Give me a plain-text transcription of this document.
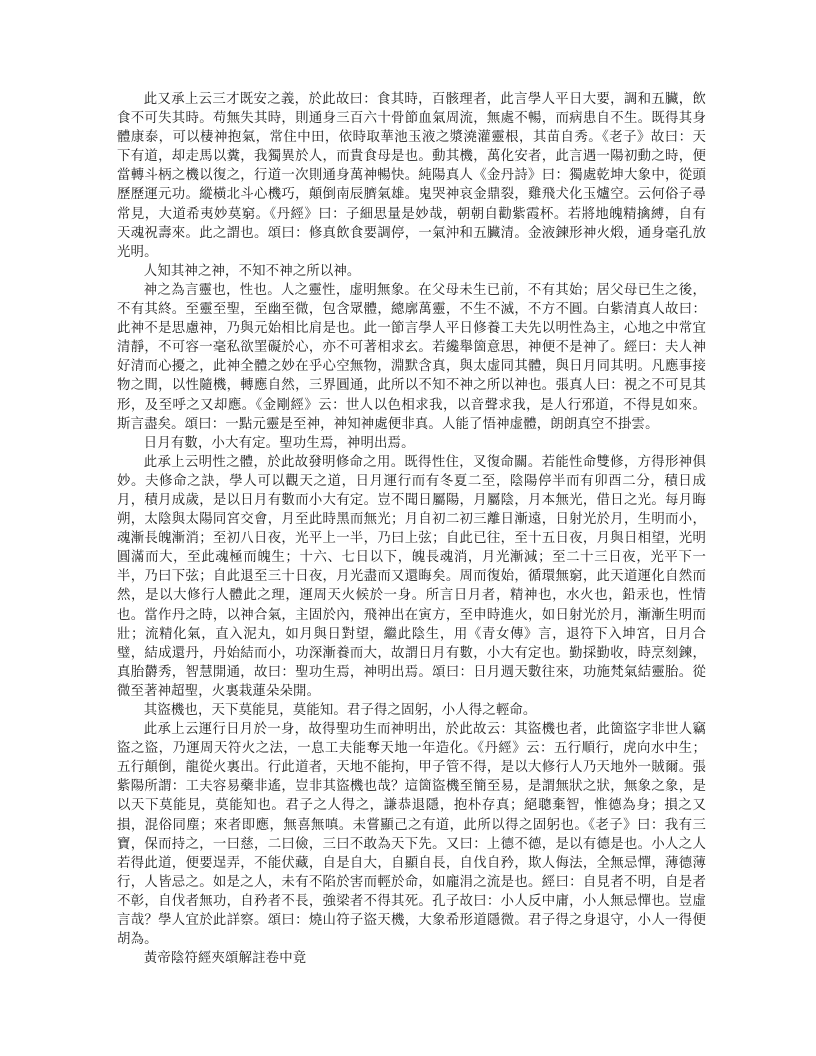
此又承上云三才既安之義，於此故曰：食其時，百骸理者，此言學人平日大要，調和五臟，飲食不可失其時。苟無失其時，則通身三百六十骨節血氣周流，無處不暢，而病患自不生。既得其身體康泰，可以棲神抱氣，常住中田，依時取華池玉液之漿澆灌靈根，其苗自秀。《老子》故曰：天下有道，却走馬以糞，我獨異於人，而貴食母是也。動其機，萬化安者，此言遇一陽初動之時，便當轉斗柄之機以復之，行道一次則通身萬神暢快。純陽真人《金丹詩》曰：獨處乾坤大象中，從頭歷歷運元功。縱橫北斗心機巧，顛倒南辰臍氣雄。鬼哭神哀金鼎裂，雞飛犬化玉爐空。云何俗子尋常見，大道希夷妙莫窮。《丹經》曰：子細思量是妙哉，朝朝自勸紫霞杯。若將地魄精擒縛，自有天魂祝壽來。此之謂也。頌曰：修真飲食要調停，一氣沖和五臟清。金液鍊形神火煅，通身毫孔放光明。

人知其神之神，不知不神之所以神。

神之為言靈也，性也。人之靈性，虚明無象。在父母未生已前，不有其始；居父母已生之後，不有其終。至靈至聖，至幽至微，包含眾體，總廓萬靈，不生不滅，不方不圓。白紫清真人故曰：此神不是思慮神，乃與元始相比肩是也。此一節言學人平日修養工夫先以明性為主，心地之中常宜清靜，不可容一毫私欲罣礙於心，亦不可著相求玄。若纔舉箇意思，神便不是神了。經曰：夫人神好清而心擾之，此神全體之妙在乎心空無物，淵默含真，與太虚同其體，與日月同其明。凡應事接物之間，以性隨機，轉應自然，三界圓通，此所以不知不神之所以神也。張真人曰：視之不可見其形，及至呼之又却應。《金剛經》云：世人以色相求我，以音聲求我，是人行邪道，不得見如來。斯言盡矣。頌曰：一點元靈是至神，神知神處便非真。人能了悟神虚體，朗朗真空不掛雲。

日月有數，小大有定。聖功生焉，神明出焉。

此承上云明性之體，於此故發明修命之用。既得性住，叉復命關。若能性命雙修，方得形神俱妙。夫修命之訣，學人可以觀天之道，日月運行而有冬夏二至，陰陽停半而有卯酉二分，積日成月，積月成歲，是以日月有數而小大有定。豈不聞日屬陽，月屬陰，月本無光，借日之光。每月晦朔，太陰與太陽同宮交會，月至此時黑而無光；月自初二初三離日漸遠，日射光於月，生明而小，魂漸長魄漸消；至初八日夜，光平上一半，乃曰上弦；自此已往，至十五日夜，月與日相望，光明圓滿而大，至此魂極而魄生；十六、七日以下，魄長魂消，月光漸減；至二十三日夜，光平下一半，乃曰下弦；自此退至三十日夜，月光盡而又還晦矣。周而復始，循環無窮，此天道運化自然而然，是以大修行人體此之理，運周天火候於一身。所言日月者，精神也，水火也，鉛汞也，性情也。當作丹之時，以神合氣，主固於內，飛神出在寅方，至申時進火，如日射光於月，漸漸生明而壯；流精化氣，直入泥丸，如月與日對望，繼此陰生，用《青女傳》言，退符下入坤宮，日月合璧，結成還丹，丹始結而小，功深漸養而大，故謂日月有數，小大有定也。勤採勤收，時烹刻鍊，真胎欝秀，智慧開通，故曰：聖功生焉，神明出焉。頌曰：日月週天數往來，功施梵氣結靈胎。從微至著神超聖，火裏栽蓮朵朵開。

其盜機也，天下莫能見，莫能知。君子得之固躬，小人得之輕命。

此承上云運行日月於一身，故得聖功生而神明出，於此故云：其盜機也者，此箇盜字非世人竊盜之盜，乃運周天符火之法，一息工夫能奪天地一年造化。《丹經》云：五行順行，虎向水中生；五行顛倒，龍從火裏出。行此道者，天地不能拘，甲子管不得，是以大修行人乃天地外一賊爾。張紫陽所謂：工夫容易藥非遙，豈非其盜機也哉？這箇盜機至簡至易，是謂無狀之狀，無象之象，是以天下莫能見，莫能知也。君子之人得之，謙恭退隱，抱朴存真；絕聰棄智，惟德為身；損之又損，混俗同塵；來者即應，無喜無嗔。未嘗顯己之有道，此所以得之固躬也。《老子》曰：我有三寶，保而持之，一曰慈，二曰儉，三曰不敢為天下先。又曰：上德不德，是以有德是也。小人之人若得此道，便要逞弄，不能伏藏，自是自大，自顯自長，自伐自矜，欺人侮法，全無忌憚，薄德薄行，人皆忌之。如是之人，未有不陷於害而輕於命，如龐涓之流是也。經曰：自見者不明，自是者不彰，自伐者無功，自矜者不長，強梁者不得其死。孔子故曰：小人反中庸，小人無忌憚也。豈虛言哉？學人宜於此詳察。頌曰：燒山符子盜天機，大象希形道隱微。君子得之身退守，小人一得便胡為。

黃帝陰符經夾頌解註卷中竟
